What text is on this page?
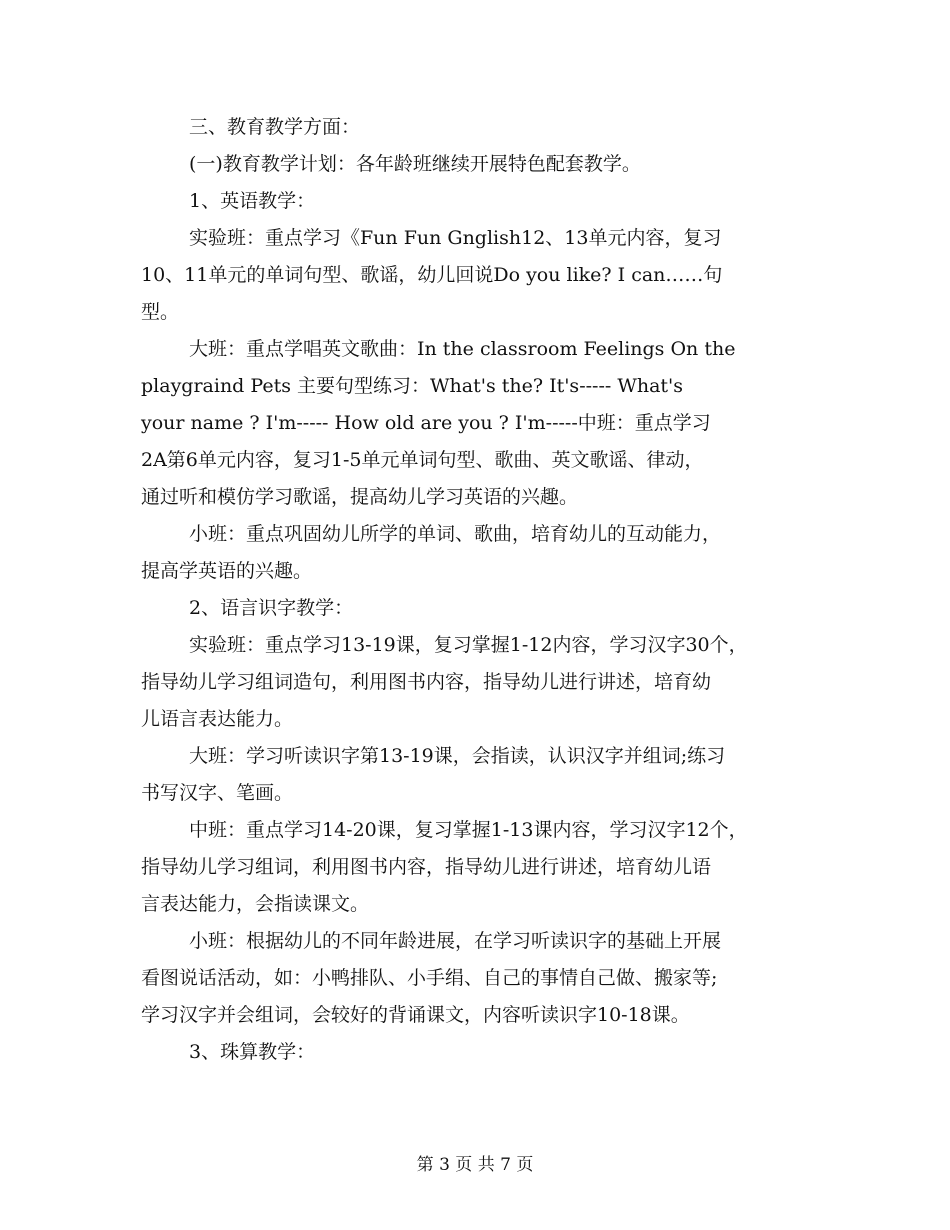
三、教育教学方面：
(一)教育教学计划：各年龄班继续开展特色配套教学。
1、英语教学：
实验班：重点学习《Fun Fun Gnglish12、13单元内容，复习
10、11单元的单词句型、歌谣，幼儿回说Do you like? I can……句
型。
大班：重点学唱英文歌曲：In the classroom Feelings On the
playgraind Pets 主要句型练习：What's the? It's----- What's
your name ? I'm----- How old are you ? I'm-----中班：重点学习
2A第6单元内容，复习1-5单元单词句型、歌曲、英文歌谣、律动，
通过听和模仿学习歌谣，提高幼儿学习英语的兴趣。
小班：重点巩固幼儿所学的单词、歌曲，培育幼儿的互动能力，
提高学英语的兴趣。
2、语言识字教学：
实验班：重点学习13-19课，复习掌握1-12内容，学习汉字30个，
指导幼儿学习组词造句，利用图书内容，指导幼儿进行讲述，培育幼
儿语言表达能力。
大班：学习听读识字第13-19课，会指读，认识汉字并组词;练习
书写汉字、笔画。
中班：重点学习14-20课，复习掌握1-13课内容，学习汉字12个，
指导幼儿学习组词，利用图书内容，指导幼儿进行讲述，培育幼儿语
言表达能力，会指读课文。
小班：根据幼儿的不同年龄进展，在学习听读识字的基础上开展
看图说话活动，如：小鸭排队、小手绢、自己的事情自己做、搬家等;
学习汉字并会组词，会较好的背诵课文，内容听读识字10-18课。
3、珠算教学：
第 3 页 共 7 页
